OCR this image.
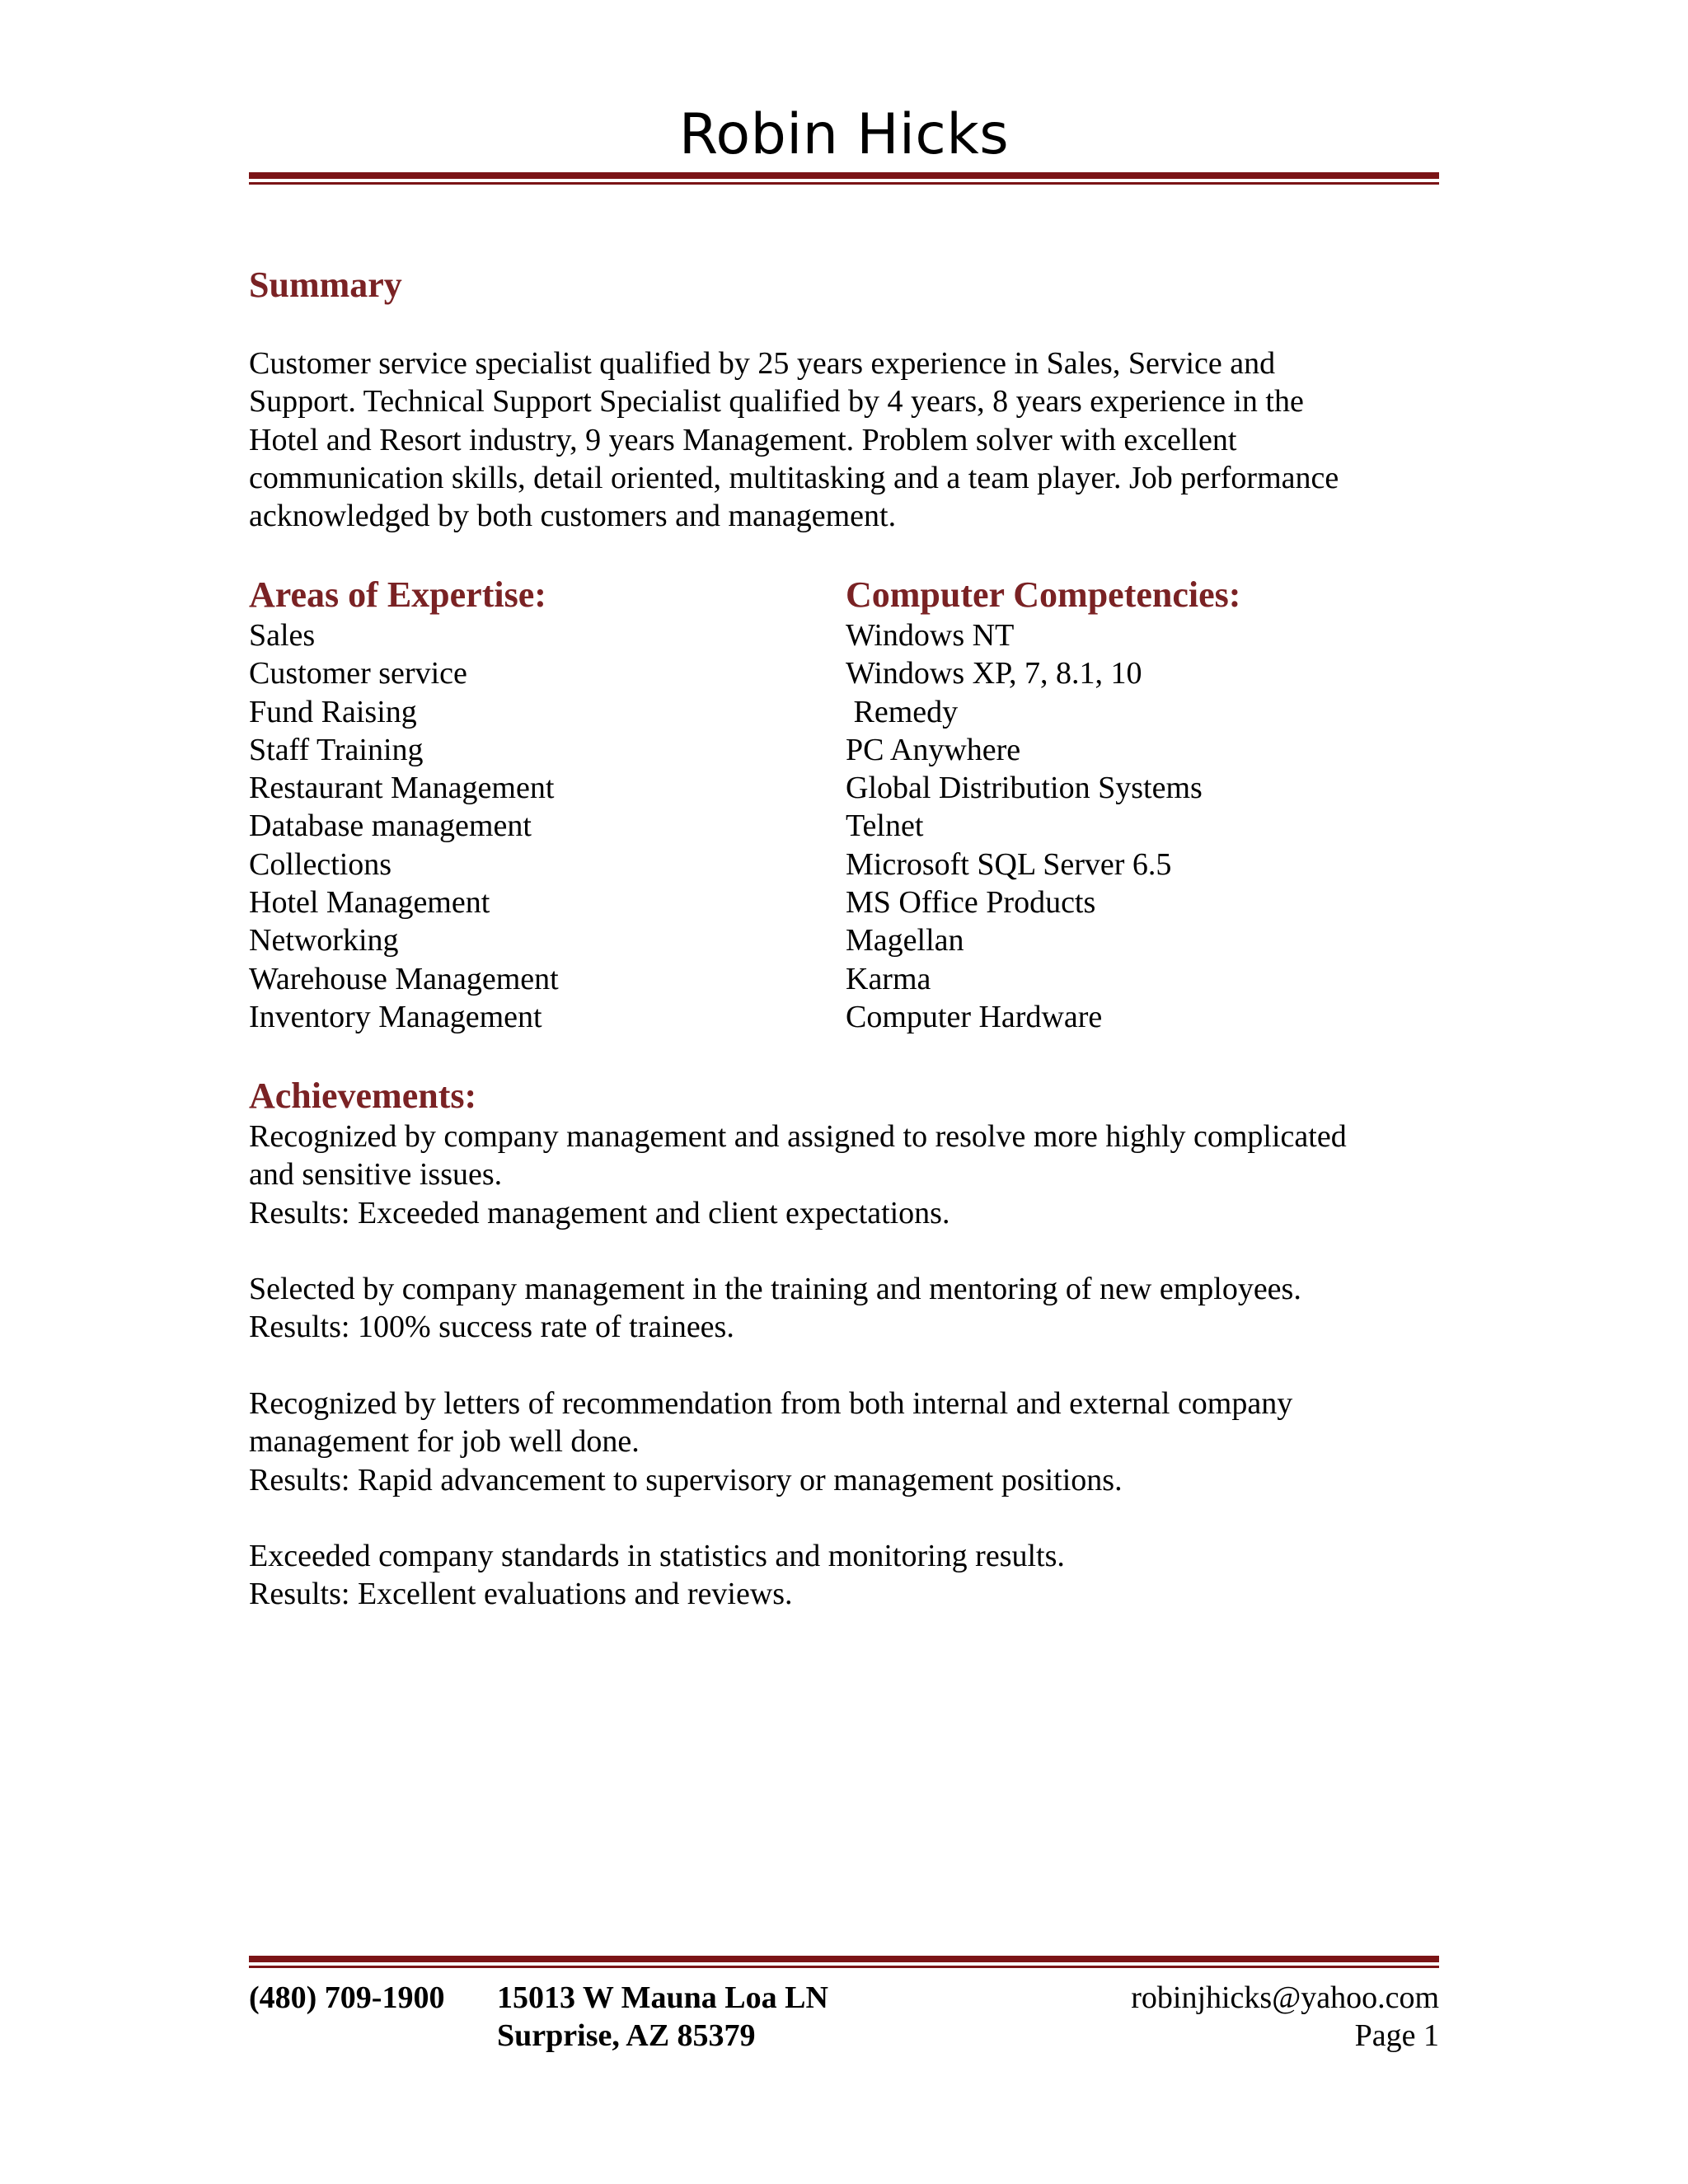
Robin Hicks
Summary
Customer service specialist qualified by 25 years experience in Sales, Service and
Support. Technical Support Specialist qualified by 4 years, 8 years experience in the
Hotel and Resort industry, 9 years Management. Problem solver with excellent
communication skills, detail oriented, multitasking and a team player. Job performance
acknowledged by both customers and management.
Areas of Expertise:
Sales
Customer service
Fund Raising
Staff Training
Restaurant Management
Database management
Collections
Hotel Management
Networking
Warehouse Management
Inventory Management
Computer Competencies:
Windows NT
Windows XP, 7, 8.1, 10
Remedy
PC Anywhere
Global Distribution Systems
Telnet
Microsoft SQL Server 6.5
MS Office Products
Magellan
Karma
Computer Hardware
Achievements:
Recognized by company management and assigned to resolve more highly complicated
and sensitive issues.
Results: Exceeded management and client expectations.
Selected by company management in the training and mentoring of new employees.
Results: 100% success rate of trainees.
Recognized by letters of recommendation from both internal and external company
management for job well done.
Results: Rapid advancement to supervisory or management positions.
Exceeded company standards in statistics and monitoring results.
Results: Excellent evaluations and reviews.
(480) 709-1900 15013 W Mauna Loa LN
Surprise, AZ 85379
robinjhicks@yahoo.com
Page 1
